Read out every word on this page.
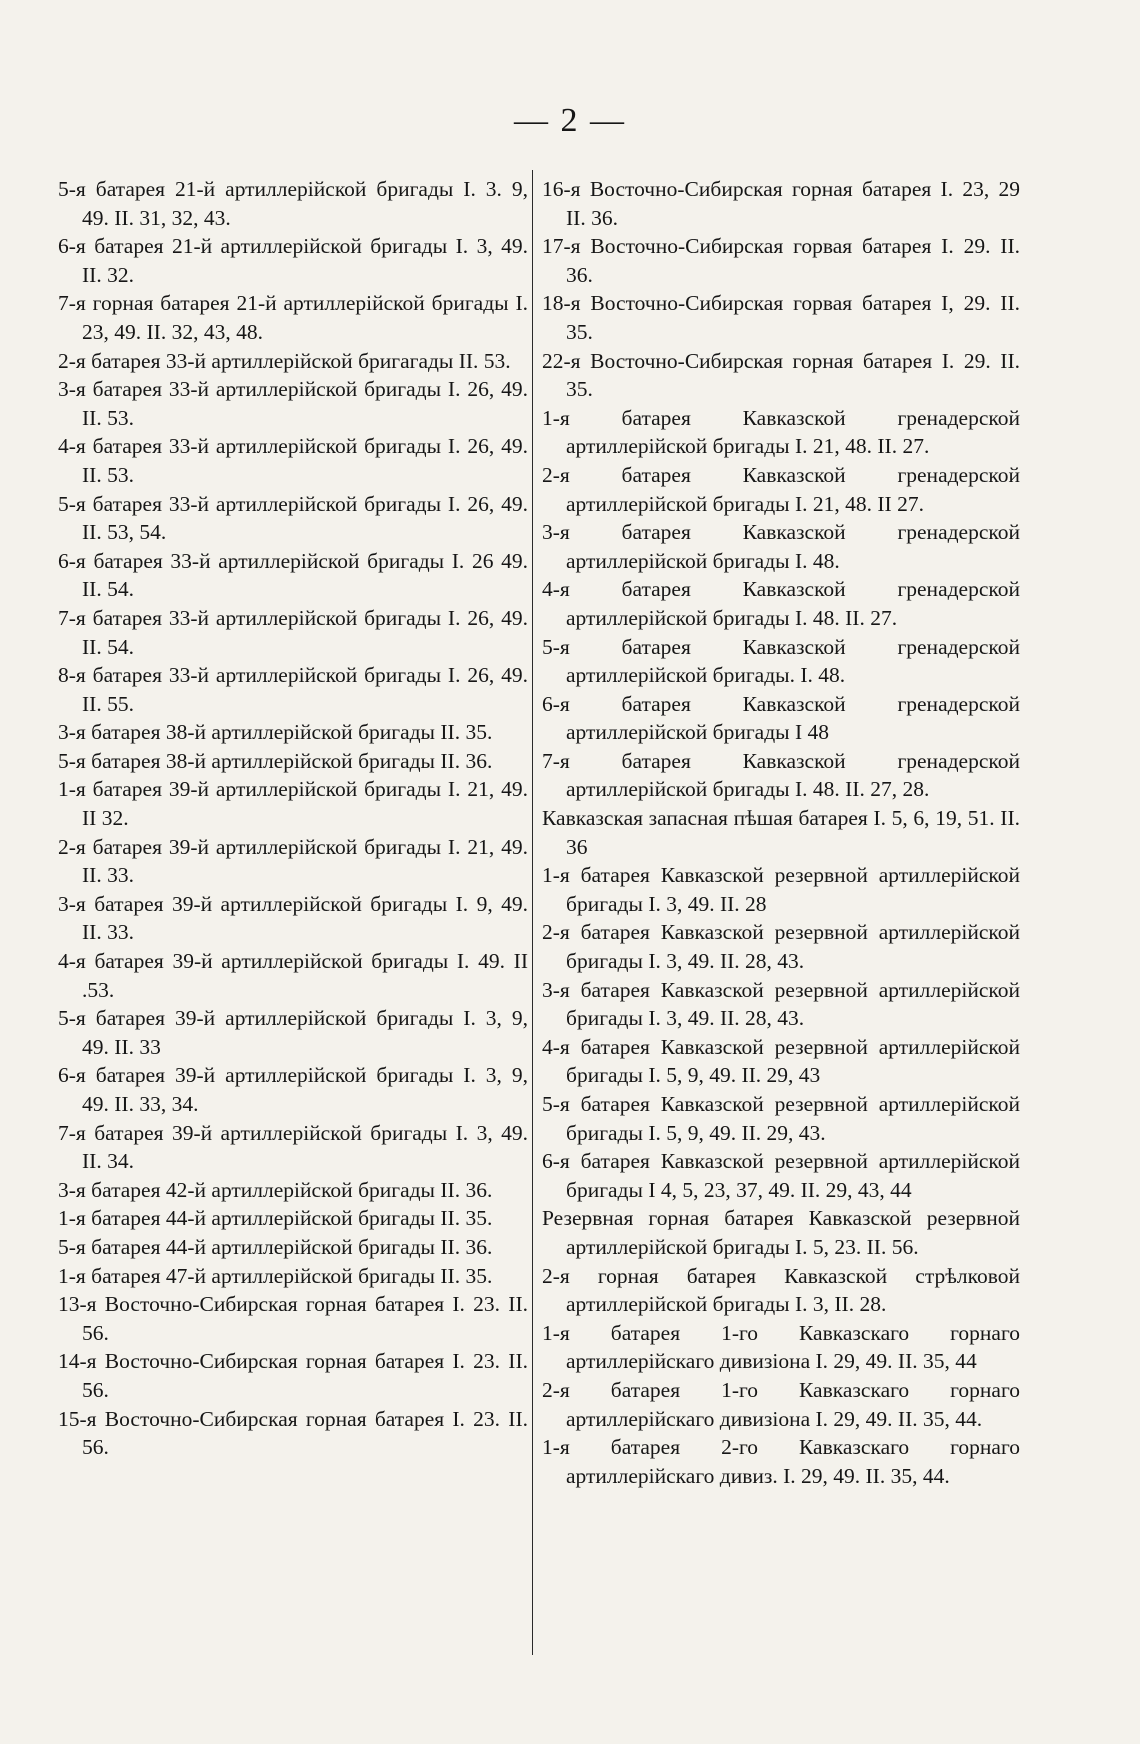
— 2 —

5-я батарея 21-й артиллерійской бригады I. 3. 9, 49. II. 31, 32, 43.

6-я батарея 21-й артиллерійской бригады I. 3, 49. II. 32.

7-я горная батарея 21-й артиллерійской бригады I. 23, 49. II. 32, 43, 48.

2-я батарея 33-й артиллерійской бригагады II. 53.

3-я батарея 33-й артиллерійской бригады I. 26, 49. II. 53.

4-я батарея 33-й артиллерійской бригады I. 26, 49. II. 53.

5-я батарея 33-й артиллерійской бригады I. 26, 49. II. 53, 54.

6-я батарея 33-й артиллерійской бригады I. 26 49. II. 54.

7-я батарея 33-й артиллерійской бригады I. 26, 49. II. 54.

8-я батарея 33-й артиллерійской бригады I. 26, 49. II. 55.

3-я батарея 38-й артиллерійской бригады II. 35.

5-я батарея 38-й артиллерійской бригады II. 36.

1-я батарея 39-й артиллерійской бригады I. 21, 49. II 32.

2-я батарея 39-й артиллерійской бригады I. 21, 49. II. 33.

3-я батарея 39-й артиллерійской бригады I. 9, 49. II. 33.

4-я батарея 39-й артиллерійской бригады I. 49. II .53.

5-я батарея 39-й артиллерійской бригады I. 3, 9, 49. II. 33

6-я батарея 39-й артиллерійской бригады I. 3, 9, 49. II. 33, 34.

7-я батарея 39-й артиллерійской бригады I. 3, 49. II. 34.

3-я батарея 42-й артиллерійской бригады II. 36.

1-я батарея 44-й артиллерійской бригады II. 35.

5-я батарея 44-й артиллерійской бригады II. 36.

1-я батарея 47-й артиллерійской бригады II. 35.

13-я Восточно-Сибирская горная батарея I. 23. II. 56.

14-я Восточно-Сибирская горная батарея I. 23. II. 56.

15-я Восточно-Сибирская горная батарея I. 23. II. 56.

16-я Восточно-Сибирская горная батарея I. 23, 29 II. 36.

17-я Восточно-Сибирская горвая батарея I. 29. II. 36.

18-я Восточно-Сибирская горвая батарея I, 29. II. 35.

22-я Восточно-Сибирская горная батарея I. 29. II. 35.

1-я батарея Кавказской гренадерской артиллерійской бригады I. 21, 48. II. 27.

2-я батарея Кавказской гренадерской артиллерійской бригады I. 21, 48. II 27.

3-я батарея Кавказской гренадерской артиллерійской бригады I. 48.

4-я батарея Кавказской гренадерской артиллерійской бригады I. 48. II. 27.

5-я батарея Кавказской гренадерской артиллерійской бригады. I. 48.

6-я батарея Кавказской гренадерской артиллерійской бригады I 48

7-я батарея Кавказской гренадерской артиллерійской бригады I. 48. II. 27, 28.

Кавказская запасная пѣшая батарея I. 5, 6, 19, 51. II. 36

1-я батарея Кавказской резервной артиллерійской бригады I. 3, 49. II. 28

2-я батарея Кавказской резервной артиллерійской бригады I. 3, 49. II. 28, 43.

3-я батарея Кавказской резервной артиллерійской бригады I. 3, 49. II. 28, 43.

4-я батарея Кавказской резервной артиллерійской бригады I. 5, 9, 49. II. 29, 43

5-я батарея Кавказской резервной артиллерійской бригады I. 5, 9, 49. II. 29, 43.

6-я батарея Кавказской резервной артиллерійской бригады I 4, 5, 23, 37, 49. II. 29, 43, 44

Резервная горная батарея Кавказской резервной артиллерійской бригады I. 5, 23. II. 56.

2-я горная батарея Кавказской стрѣлковой артиллерійской бригады I. 3, II. 28.

1-я батарея 1-го Кавказскаго горнаго артиллерійскаго дивизіона I. 29, 49. II. 35, 44

2-я батарея 1-го Кавказскаго горнаго артиллерійскаго дивизіона I. 29, 49. II. 35, 44.

1-я батарея 2-го Кавказскаго горнаго артиллерійскаго дивиз. I. 29, 49. II. 35, 44.
